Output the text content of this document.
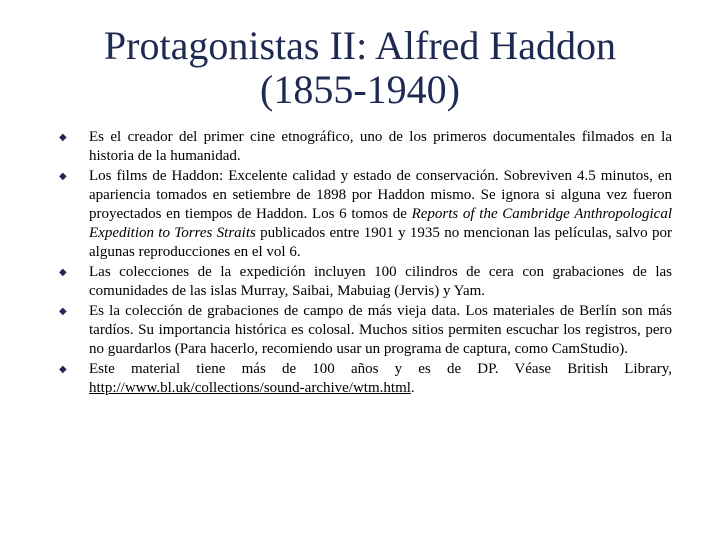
Protagonistas II: Alfred Haddon
(1855-1940)
◆ Es el creador del primer cine etnográfico, uno de los primeros documentales filmados en la historia de la humanidad.
◆ Los films de Haddon: Excelente calidad y estado de conservación. Sobreviven 4.5 minutos, en apariencia tomados en setiembre de 1898 por Haddon mismo. Se ignora si alguna vez fueron proyectados en tiempos de Haddon. Los 6 tomos de Reports of the Cambridge Anthropological Expedition to Torres Straits publicados entre 1901 y 1935 no mencionan las películas, salvo por algunas reproducciones en el vol 6.
◆ Las colecciones de la expedición incluyen 100 cilindros de cera con grabaciones de las comunidades de las islas Murray, Saibai, Mabuiag (Jervis) y Yam.
◆ Es la colección de grabaciones de campo de más vieja data. Los materiales de Berlín son más tardíos. Su importancia histórica es colosal. Muchos sitios permiten escuchar los registros, pero no guardarlos (Para hacerlo, recomiendo usar un programa de captura, como CamStudio).
◆ Este material tiene más de 100 años y es de DP. Véase British Library, http://www.bl.uk/collections/sound-archive/wtm.html.
